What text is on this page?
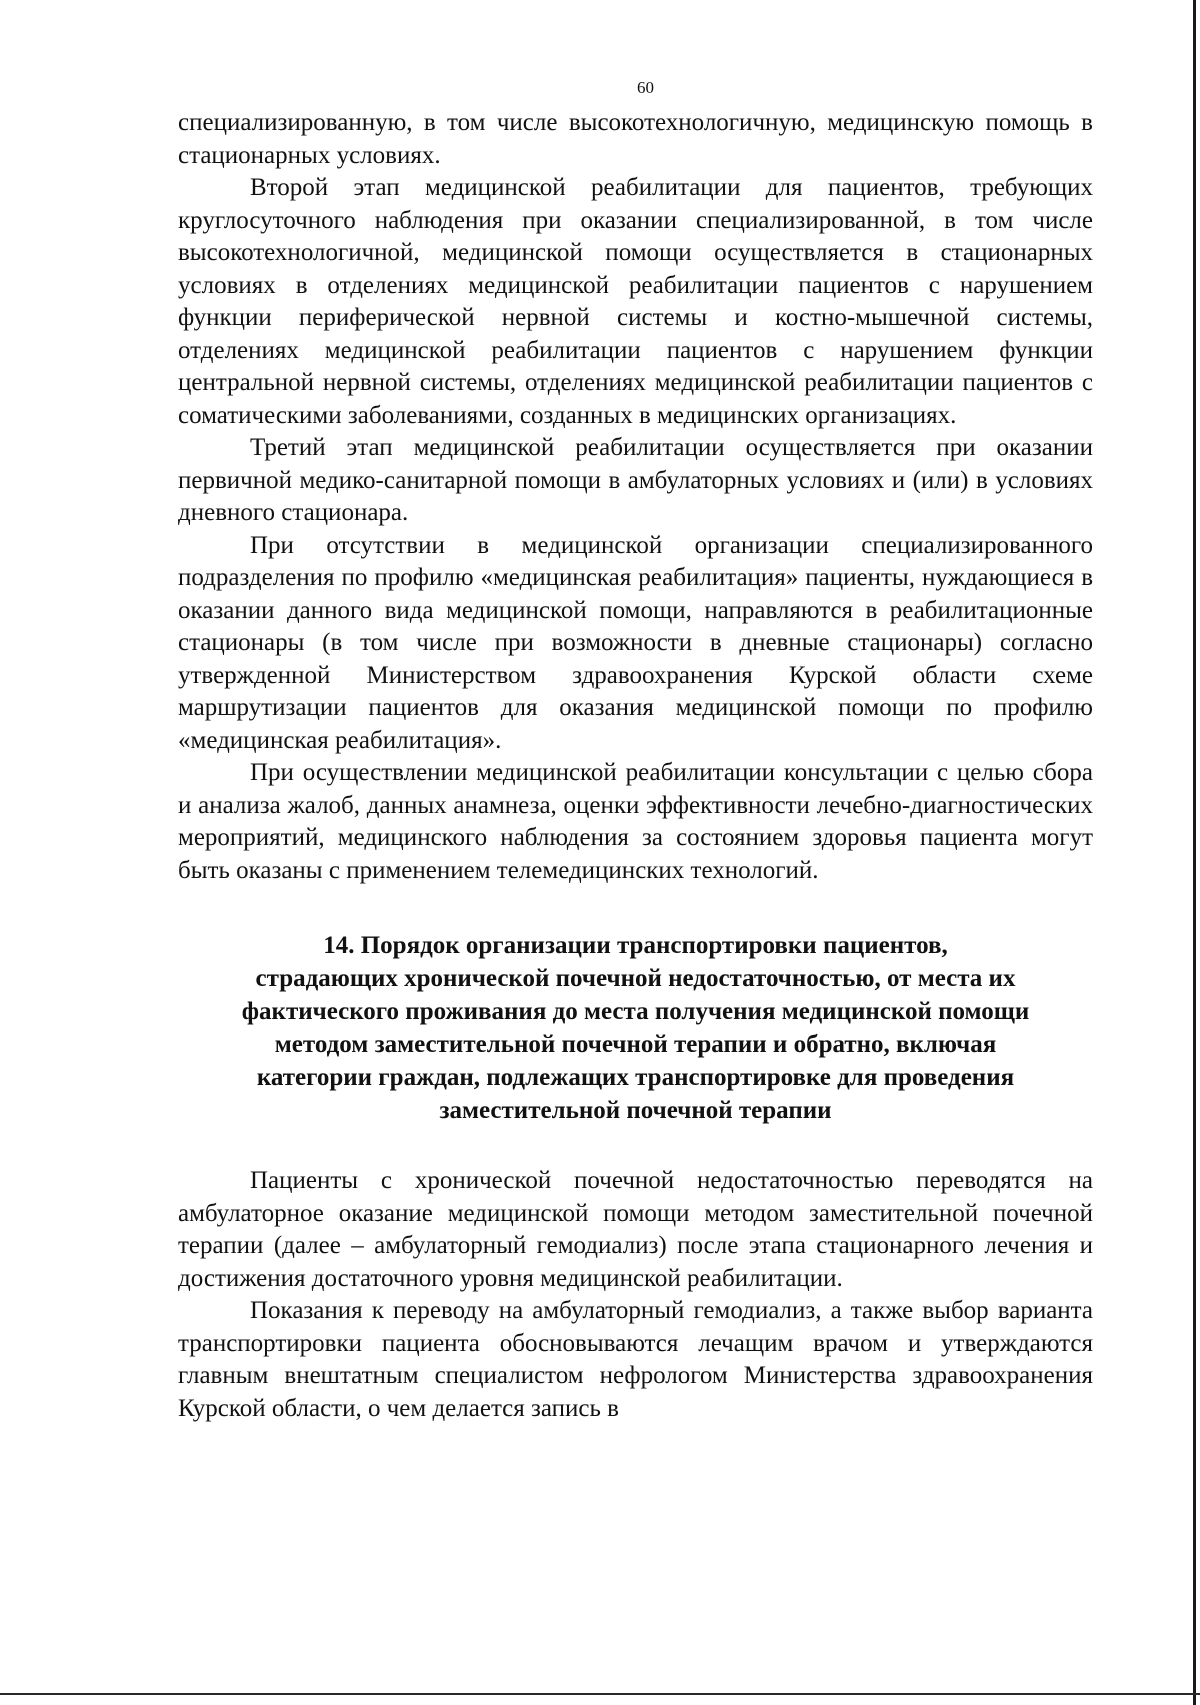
60

специализированную, в том числе высокотехнологичную, медицинскую помощь в стационарных условиях.

Второй этап медицинской реабилитации для пациентов, требующих круглосуточного наблюдения при оказании специализированной, в том числе высокотехнологичной, медицинской помощи осуществляется в стационарных условиях в отделениях медицинской реабилитации пациентов с нарушением функции периферической нервной системы и костно-мышечной системы, отделениях медицинской реабилитации пациентов с нарушением функции центральной нервной системы, отделениях медицинской реабилитации пациентов с соматическими заболеваниями, созданных в медицинских организациях.

Третий этап медицинской реабилитации осуществляется при оказании первичной медико-санитарной помощи в амбулаторных условиях и (или) в условиях дневного стационара.

При отсутствии в медицинской организации специализированного подразделения по профилю «медицинская реабилитация» пациенты, нуждающиеся в оказании данного вида медицинской помощи, направляются в реабилитационные стационары (в том числе при возможности в дневные стационары) согласно утвержденной Министерством здравоохранения Курской области схеме маршрутизации пациентов для оказания медицинской помощи по профилю «медицинская реабилитация».

При осуществлении медицинской реабилитации консультации с целью сбора и анализа жалоб, данных анамнеза, оценки эффективности лечебно-диагностических мероприятий, медицинского наблюдения за состоянием здоровья пациента могут быть оказаны с применением телемедицинских технологий.

14. Порядок организации транспортировки пациентов,
страдающих хронической почечной недостаточностью, от места их
фактического проживания до места получения медицинской помощи
методом заместительной почечной терапии и обратно, включая
категории граждан, подлежащих транспортировке для проведения
заместительной почечной терапии

Пациенты с хронической почечной недостаточностью переводятся на амбулаторное оказание медицинской помощи методом заместительной почечной терапии (далее – амбулаторный гемодиализ) после этапа стационарного лечения и достижения достаточного уровня медицинской реабилитации.

Показания к переводу на амбулаторный гемодиализ, а также выбор варианта транспортировки пациента обосновываются лечащим врачом и утверждаются главным внештатным специалистом нефрологом Министерства здравоохранения Курской области, о чем делается запись в
